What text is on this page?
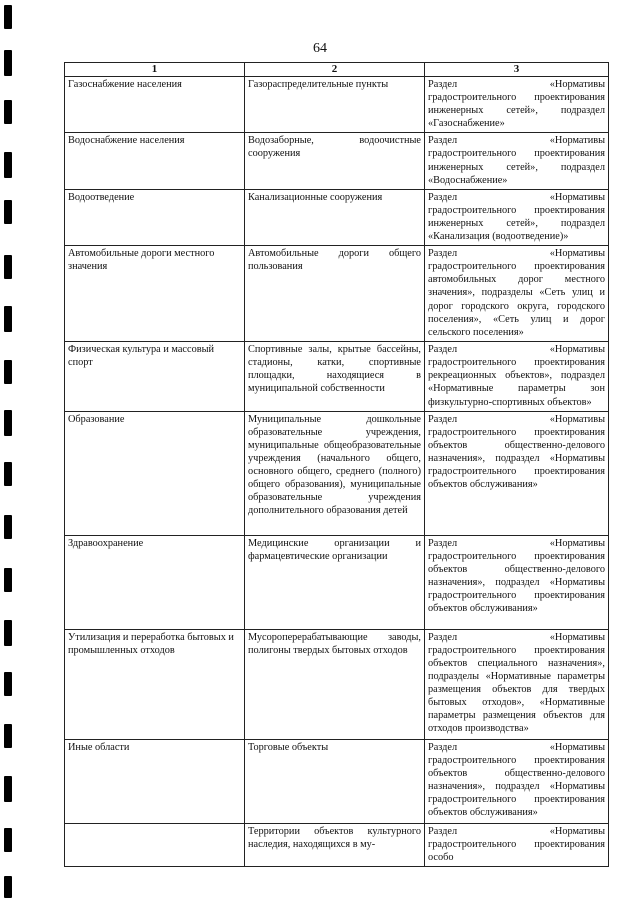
64
1	2	3
Газоснабжение населения	Газораспределительные пункты	Раздел «Нормативы градостроительного проектирования инженерных сетей», подраздел «Газоснабжение»
Водоснабжение населения	Водозаборные, водоочистные сооружения	Раздел «Нормативы градостроительного проектирования инженерных сетей», подраздел «Водоснабжение»
Водоотведение	Канализационные сооружения	Раздел «Нормативы градостроительного проектирования инженерных сетей», подраздел «Канализация (водоотведение)»
Автомобильные дороги местного значения	Автомобильные дороги общего пользования	Раздел «Нормативы градостроительного проектирования автомобильных дорог местного значения», подразделы «Сеть улиц и дорог городского округа, городского поселения», «Сеть улиц и дорог сельского поселения»
Физическая культура и массовый спорт	Спортивные залы, крытые бассейны, стадионы, катки, спортивные площадки, находящиеся в муниципальной собственности	Раздел «Нормативы градостроительного проектирования рекреационных объектов», подраздел «Нормативные параметры зон физкультурно-спортивных объектов»
Образование	Муниципальные дошкольные образовательные учреждения, муниципальные общеобразовательные учреждения (начального общего, основного общего, среднего (полного) общего образования), муниципальные образовательные учреждения дополнительного образования детей	Раздел «Нормативы градостроительного проектирования объектов общественно-делового назначения», подраздел «Нормативы градостроительного проектирования объектов обслуживания»
Здравоохранение	Медицинские организации и фармацевтические организации	Раздел «Нормативы градостроительного проектирования объектов общественно-делового назначения», подраздел «Нормативы градостроительного проектирования объектов обслуживания»
Утилизация и переработка бытовых и промышленных отходов	Мусороперерабатывающие заводы, полигоны твердых бытовых отходов	Раздел «Нормативы градостроительного проектирования объектов специального назначения», подразделы «Нормативные параметры размещения объектов для твердых бытовых отходов», «Нормативные параметры размещения объектов для отходов производства»
Иные области	Торговые объекты	Раздел «Нормативы градостроительного проектирования объектов общественно-делового назначения», подраздел «Нормативы градостроительного проектирования объектов обслуживания»
	Территории объектов культурного наследия, находящихся в му-	Раздел «Нормативы градостроительного проектирования особо
